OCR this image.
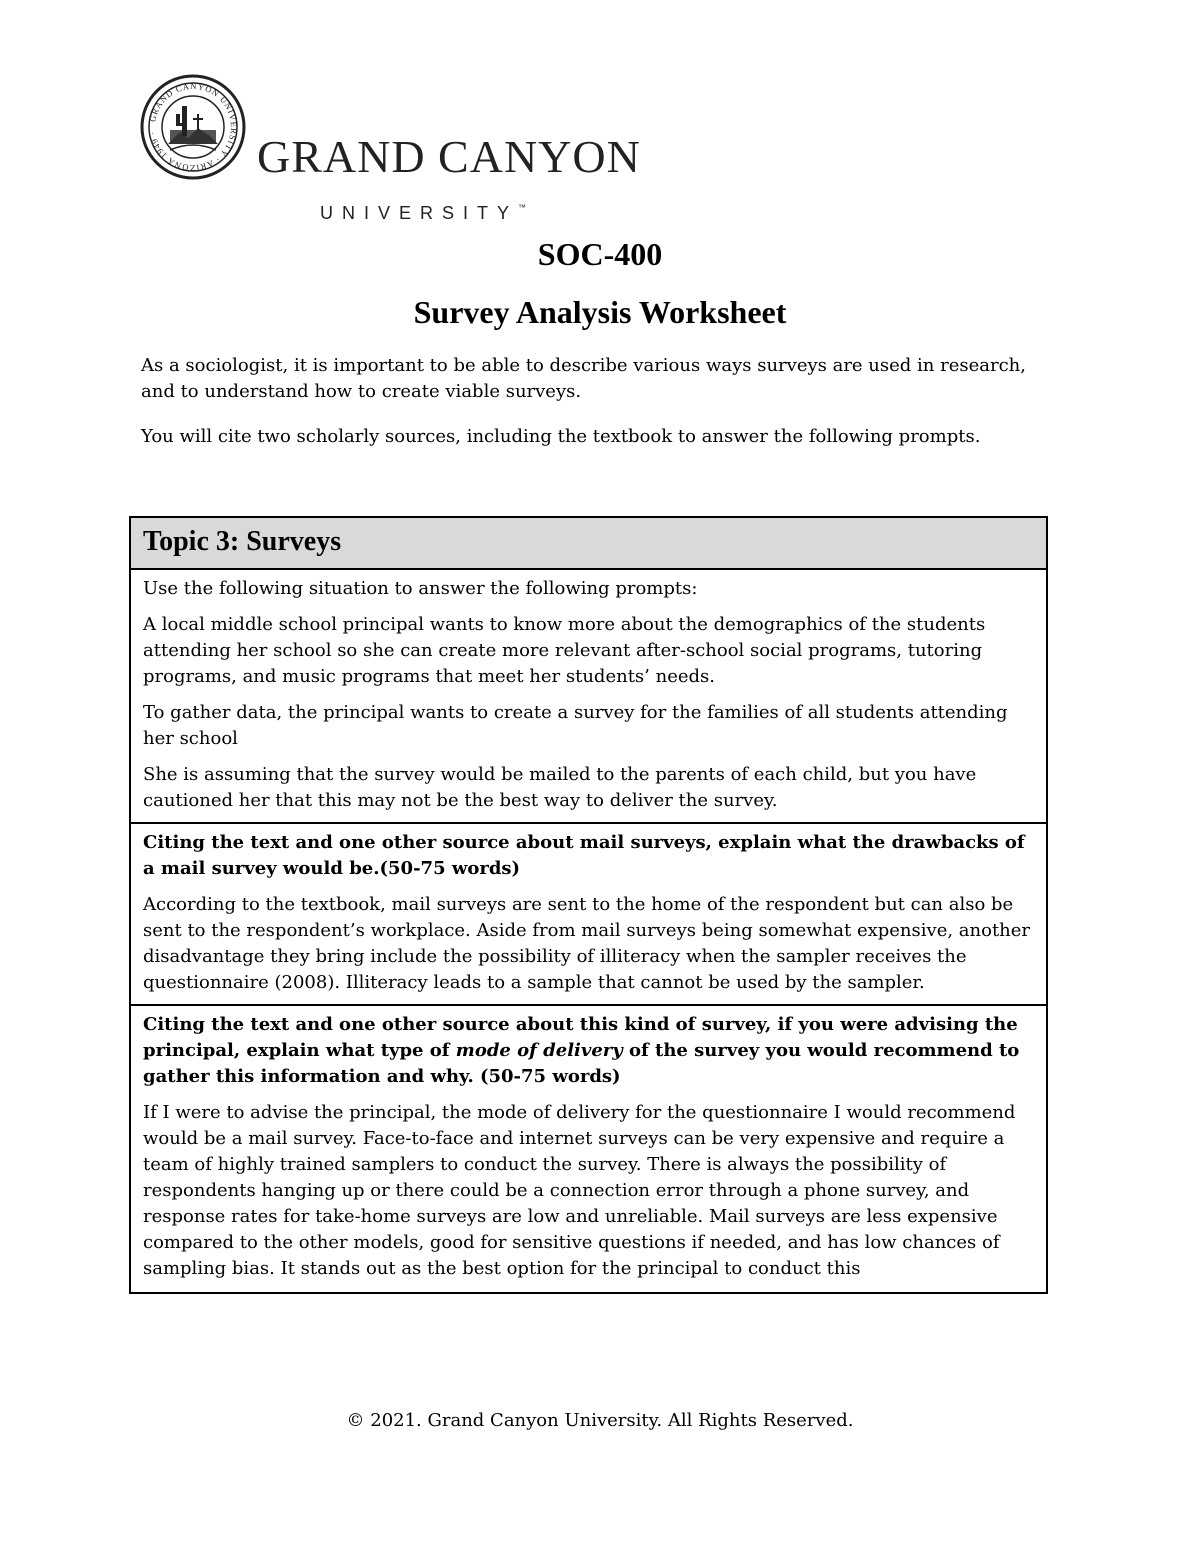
GRAND CANYON UNIVERSITY · ARIZONA 1949 ·	GRAND CANYON
UNIVERSITY™
SOC-400
Survey Analysis Worksheet
As a sociologist, it is important to be able to describe various ways surveys are used in research,
and to understand how to create viable surveys.
You will cite two scholarly sources, including the textbook to answer the following prompts.
Topic 3: Surveys

Use the following situation to answer the following prompts:

A local middle school principal wants to know more about the demographics of the students attending her school so she can create more relevant after-school social programs, tutoring programs, and music programs that meet her students’ needs.

To gather data, the principal wants to create a survey for the families of all students attending her school

She is assuming that the survey would be mailed to the parents of each child, but you have cautioned her that this may not be the best way to deliver the survey.

Citing the text and one other source about mail surveys, explain what the drawbacks of a mail survey would be.(50-75 words)

According to the textbook, mail surveys are sent to the home of the respondent but can also be sent to the respondent’s workplace. Aside from mail surveys being somewhat expensive, another disadvantage they bring include the possibility of illiteracy when the sampler receives the questionnaire (2008). Illiteracy leads to a sample that cannot be used by the sampler.

Citing the text and one other source about this kind of survey, if you were advising the principal, explain what type of mode of delivery of the survey you would recommend to gather this information and why. (50-75 words)

If I were to advise the principal, the mode of delivery for the questionnaire I would recommend would be a mail survey. Face-to-face and internet surveys can be very expensive and require a team of highly trained samplers to conduct the survey. There is always the possibility of respondents hanging up or there could be a connection error through a phone survey, and response rates for take-home surveys are low and unreliable. Mail surveys are less expensive compared to the other models, good for sensitive questions if needed, and has low chances of sampling bias. It stands out as the best option for the principal to conduct this

© 2021. Grand Canyon University. All Rights Reserved.
